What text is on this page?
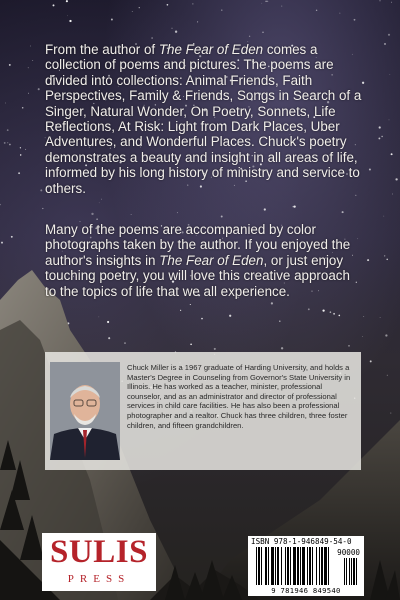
From the author of The Fear of Eden comes a collection of poems and pictures. The poems are divided into collections: Animal Friends, Faith Perspectives, Family & Friends, Songs in Search of a Singer, Natural Wonder, On Poetry, Sonnets, Life Reflections, At Risk: Light from Dark Places, Uber Adventures, and Wonderful Places. Chuck's poetry demonstrates a beauty and insight in all areas of life, informed by his long history of ministry and service to others.

Many of the poems are accompanied by color photographs taken by the author. If you enjoyed the author's insights in The Fear of Eden, or just enjoy touching poetry, you will love this creative approach to the topics of life that we all experience.

Chuck Miller is a 1967 graduate of Harding University, and holds a Master's Degree in Counseling from Governor's State University in Illinois. He has worked as a teacher, minister, professional counselor, and as an administrator and director of professional services in child care facilities. He has also been a professional photographer and a realtor. Chuck has three children, three foster children, and fifteen grandchildren.

SULIS
PRESS
ISBN 978-1-946849-54-0
90000
9 781946 849540
